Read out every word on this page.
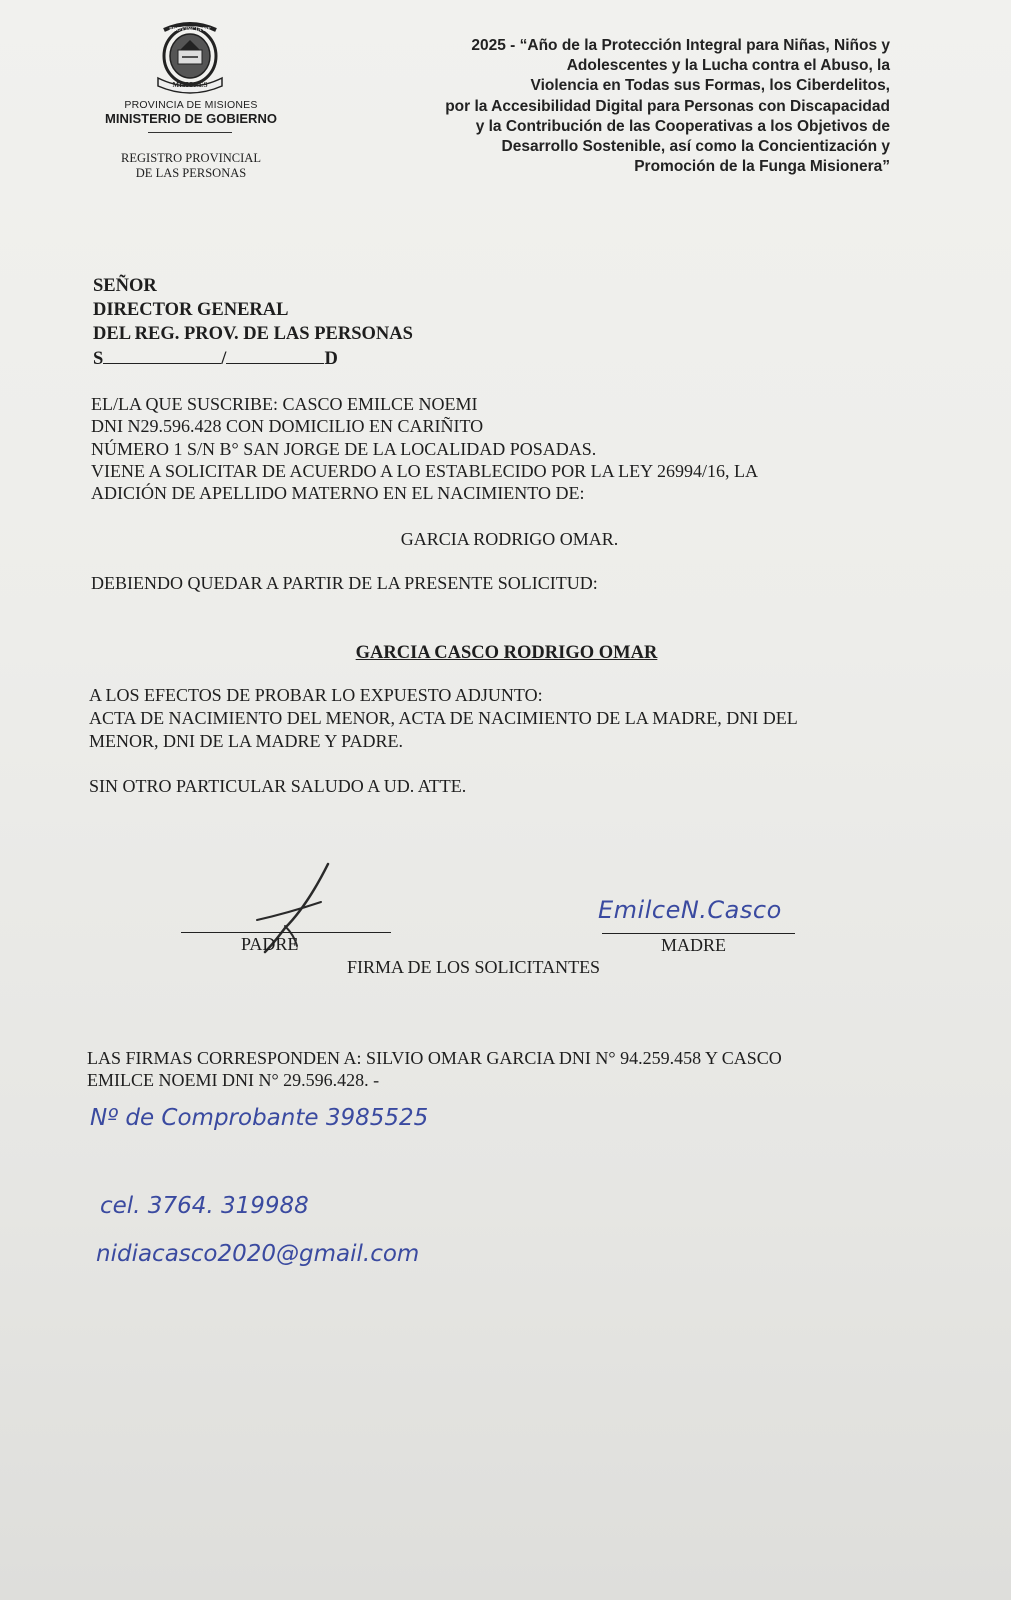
PROVINCIA DE
MISIONES
PROVINCIA DE MISIONES
MINISTERIO DE GOBIERNO
REGISTRO PROVINCIAL
DE LAS PERSONAS
2025 - “Año de la Protección Integral para Niñas, Niños y
Adolescentes y la Lucha contra el Abuso, la
Violencia en Todas sus Formas, los Ciberdelitos,
por la Accesibilidad Digital para Personas con Discapacidad
y la Contribución de las Cooperativas a los Objetivos de
Desarrollo Sostenible, así como la Concientización y
Promoción de la Funga Misionera”
SEÑOR
DIRECTOR GENERAL
DEL REG. PROV. DE LAS PERSONAS
S	/	D
EL/LA QUE SUSCRIBE: CASCO EMILCE NOEMI
DNI N29.596.428 CON DOMICILIO EN CARIÑITO
NÚMERO 1 S/N B° SAN JORGE DE LA LOCALIDAD POSADAS.
VIENE A SOLICITAR DE ACUERDO A LO ESTABLECIDO POR LA LEY 26994/16, LA
ADICIÓN DE APELLIDO MATERNO EN EL NACIMIENTO DE:
GARCIA RODRIGO OMAR.
DEBIENDO QUEDAR A PARTIR DE LA PRESENTE SOLICITUD:
GARCIA CASCO RODRIGO OMAR
A LOS EFECTOS DE PROBAR LO EXPUESTO ADJUNTO:
ACTA DE NACIMIENTO DEL MENOR, ACTA DE NACIMIENTO DE LA MADRE, DNI DEL
MENOR, DNI DE LA MADRE Y PADRE.
SIN OTRO PARTICULAR SALUDO A UD. ATTE.
PADRE
EmilceN.Casco
MADRE
FIRMA DE LOS SOLICITANTES
LAS FIRMAS CORRESPONDEN A: SILVIO OMAR GARCIA DNI N° 94.259.458 Y CASCO
EMILCE NOEMI DNI N° 29.596.428. -
Nº de Comprobante 3985525
cel. 3764. 319988
nidiacasco2020@gmail.com
